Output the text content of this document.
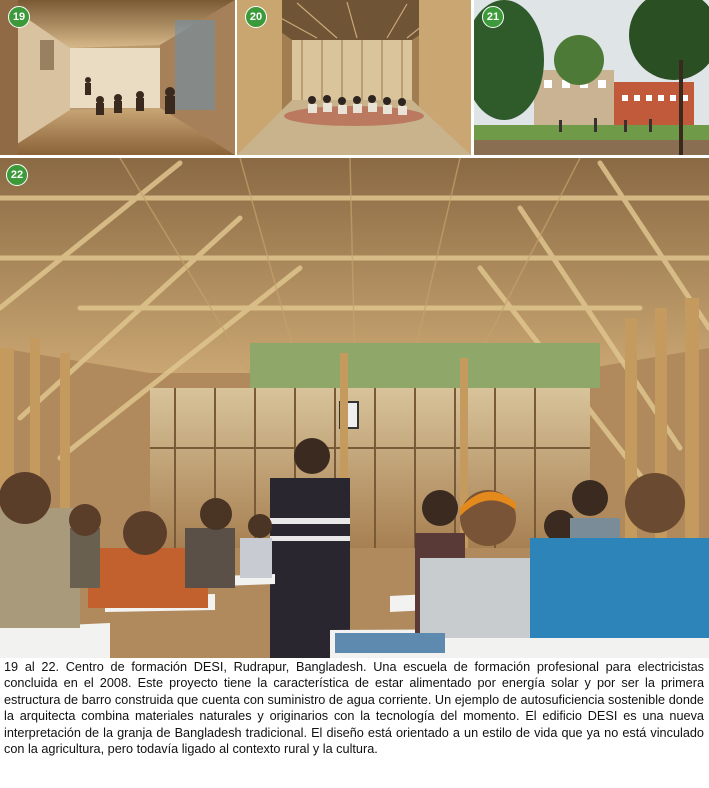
19	20	21
22

19 al 22. Centro de formación DESI, Rudrapur, Bangladesh. Una escuela de formación profesional para electricistas concluida en el 2008. Este proyecto tiene la característica de estar alimentado por energía solar y por ser la primera estructura de barro construida que cuenta con suministro de agua corriente. Un ejemplo de autosuficiencia sostenible donde la arquitecta combina materiales naturales y originarios con la tecnología del momento. El edificio DESI es una nueva interpretación de la granja de Bangladesh tradicional. El diseño está orientado a un estilo de vida que ya no está vinculado con la agricultura, pero todavía ligado al contexto rural y la cultura.
